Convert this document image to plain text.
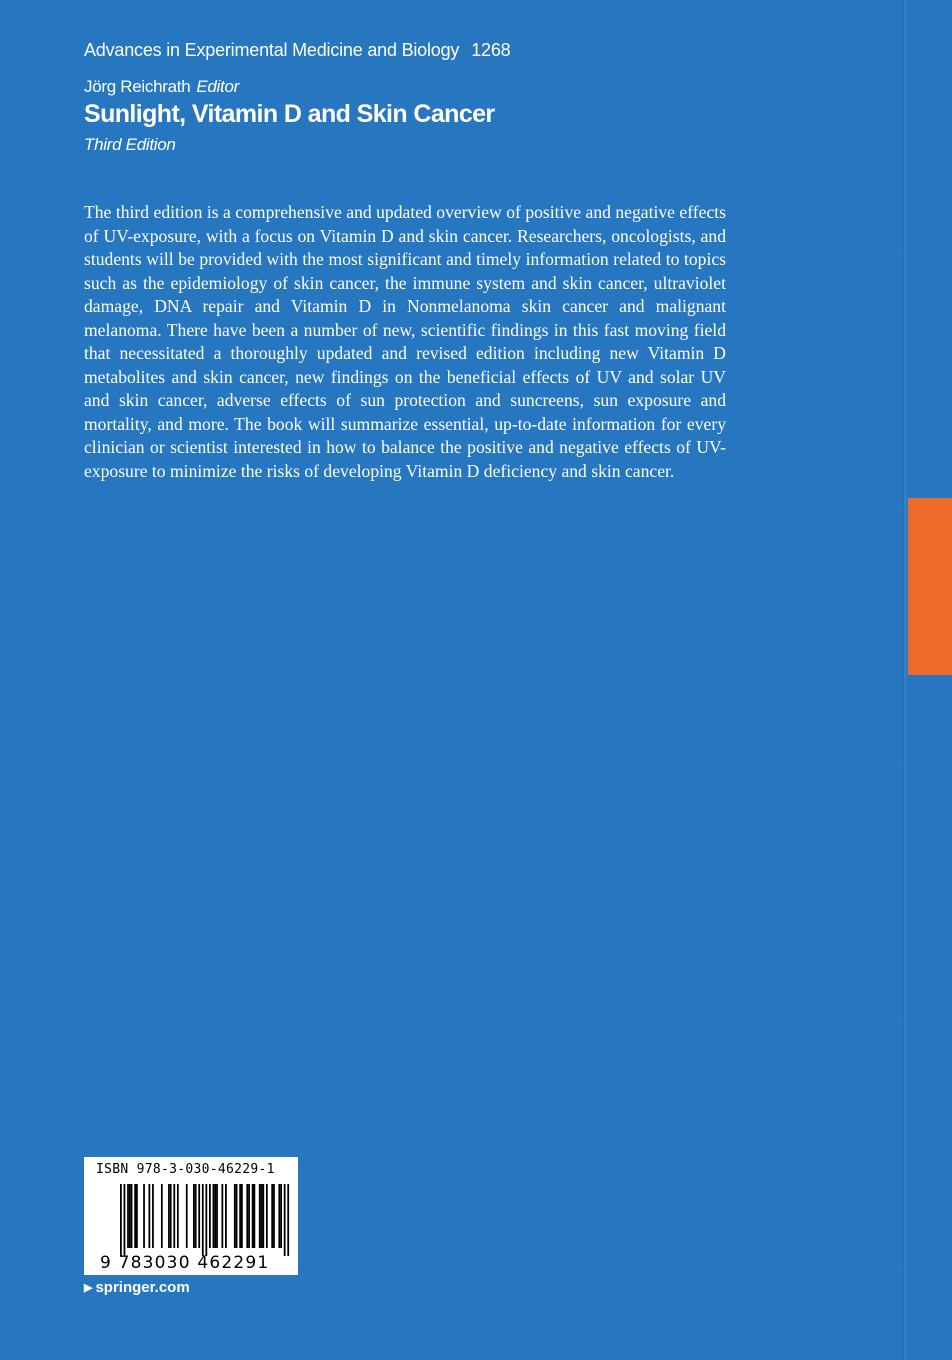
Advances in Experimental Medicine and Biology 1268
Jörg Reichrath Editor
Sunlight, Vitamin D and Skin Cancer
Third Edition

The third edition is a comprehensive and updated overview of positive and negative effects of UV-exposure, with a focus on Vitamin D and skin cancer. Researchers, oncologists, and students will be provided with the most significant and timely information related to topics such as the epidemiology of skin cancer, the immune system and skin cancer, ultraviolet damage, DNA repair and Vitamin D in Nonmelanoma skin cancer and malignant melanoma. There have been a number of new, scientific findings in this fast moving field that necessitated a thoroughly updated and revised edition including new Vitamin D metabolites and skin cancer, new findings on the beneficial effects of UV and solar UV and skin cancer, adverse effects of sun protection and suncreens, sun exposure and mortality, and more. The book will summarize essential, up-to-date information for every clinician or scientist interested in how to balance the positive and negative effects of UV-exposure to minimize the risks of developing Vitamin D deficiency and skin cancer.

ISBN 978-3-030-46229-1
9 783030 462291
▶ springer.com
